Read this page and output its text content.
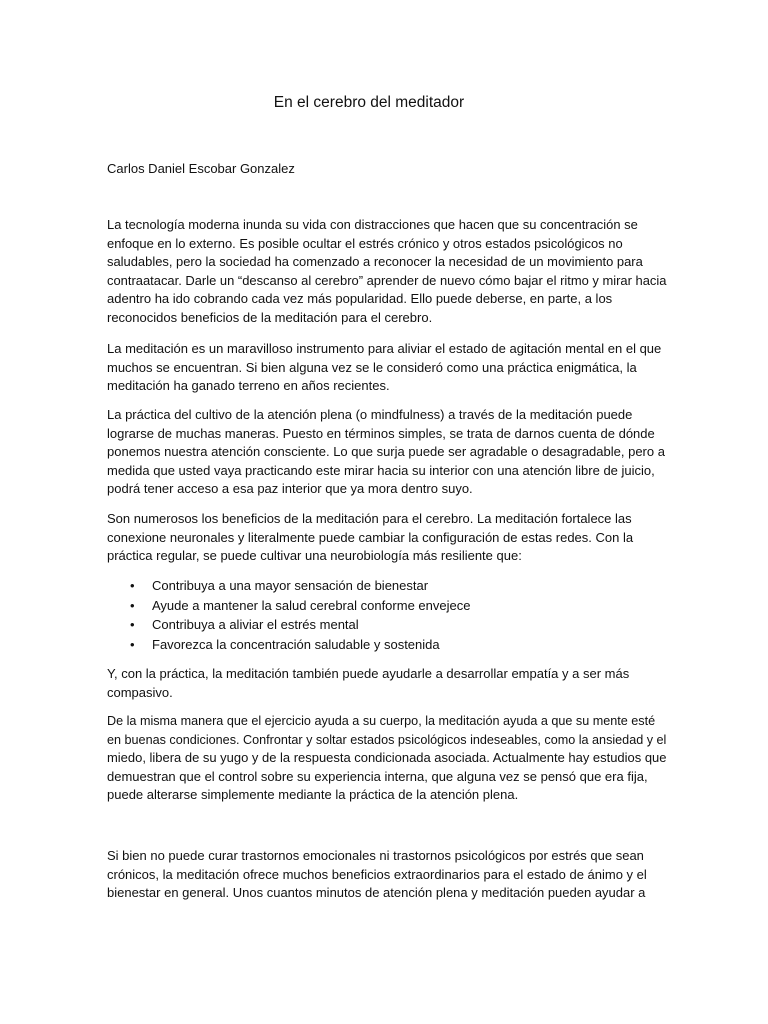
En el cerebro del meditador
Carlos Daniel Escobar Gonzalez
La tecnología moderna inunda su vida con distracciones que hacen que su concentración se
enfoque en lo externo. Es posible ocultar el estrés crónico y otros estados psicológicos no
saludables, pero la sociedad ha comenzado a reconocer la necesidad de un movimiento para
contraatacar. Darle un “descanso al cerebro” aprender de nuevo cómo bajar el ritmo y mirar hacia
adentro ha ido cobrando cada vez más popularidad. Ello puede deberse, en parte, a los
reconocidos beneficios de la meditación para el cerebro.
La meditación es un maravilloso instrumento para aliviar el estado de agitación mental en el que
muchos se encuentran. Si bien alguna vez se le consideró como una práctica enigmática, la
meditación ha ganado terreno en años recientes.
La práctica del cultivo de la atención plena (o mindfulness) a través de la meditación puede
lograrse de muchas maneras. Puesto en términos simples, se trata de darnos cuenta de dónde
ponemos nuestra atención consciente. Lo que surja puede ser agradable o desagradable, pero a
medida que usted vaya practicando este mirar hacia su interior con una atención libre de juicio,
podrá tener acceso a esa paz interior que ya mora dentro suyo.
Son numerosos los beneficios de la meditación para el cerebro. La meditación fortalece las
conexione neuronales y literalmente puede cambiar la configuración de estas redes. Con la
práctica regular, se puede cultivar una neurobiología más resiliente que:
• Contribuya a una mayor sensación de bienestar
• Ayude a mantener la salud cerebral conforme envejece
• Contribuya a aliviar el estrés mental
• Favorezca la concentración saludable y sostenida
Y, con la práctica, la meditación también puede ayudarle a desarrollar empatía y a ser más
compasivo.
De la misma manera que el ejercicio ayuda a su cuerpo, la meditación ayuda a que su mente esté
en buenas condiciones. Confrontar y soltar estados psicológicos indeseables, como la ansiedad y el
miedo, libera de su yugo y de la respuesta condicionada asociada. Actualmente hay estudios que
demuestran que el control sobre su experiencia interna, que alguna vez se pensó que era fija,
puede alterarse simplemente mediante la práctica de la atención plena.
Si bien no puede curar trastornos emocionales ni trastornos psicológicos por estrés que sean
crónicos, la meditación ofrece muchos beneficios extraordinarios para el estado de ánimo y el
bienestar en general. Unos cuantos minutos de atención plena y meditación pueden ayudar a
